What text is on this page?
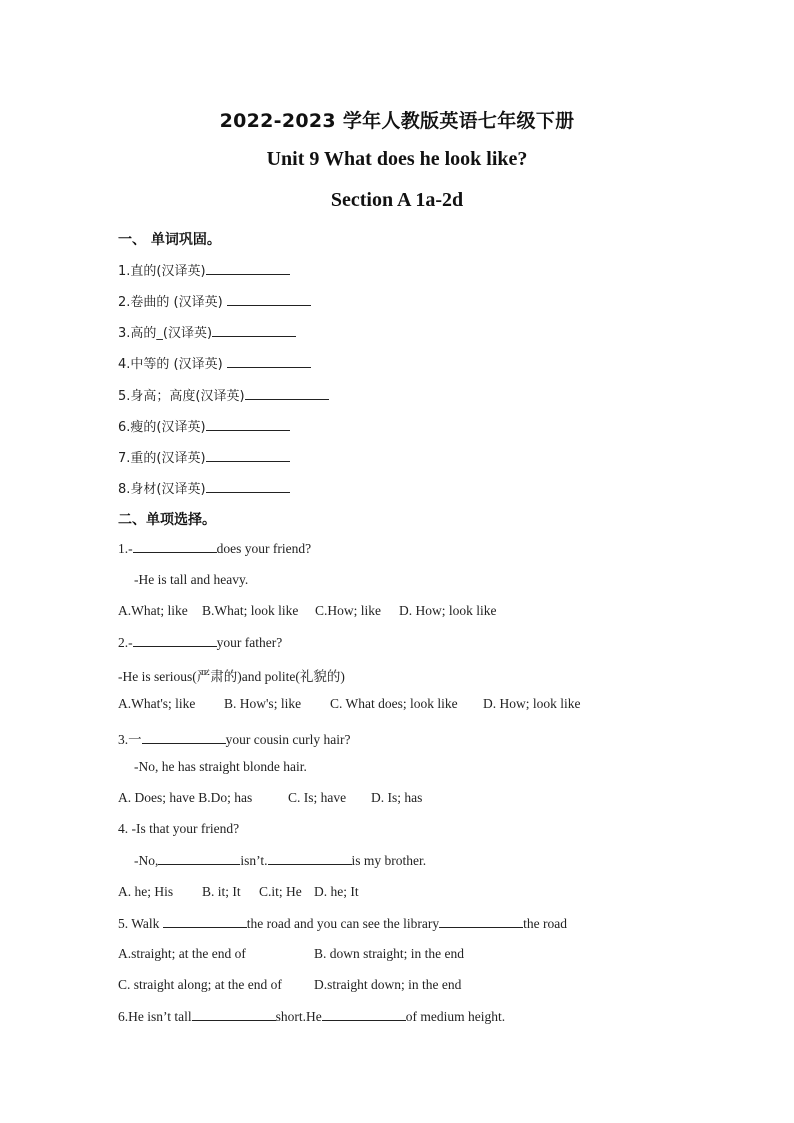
2022-2023 学年人教版英语七年级下册
Unit 9 What does he look like?
Section A 1a-2d
一、 单词巩固。
1.直的(汉译英)
2.卷曲的 (汉译英)
3.高的_(汉译英)
4.中等的 (汉译英)
5.身高；高度(汉译英)
6.瘦的(汉译英)
7.重的(汉译英)
8.身材(汉译英)
二、单项选择。
1.-	does your friend?
-He is tall and heavy.
A.What; like B.What; look like C.How; like D. How; look like
2.-	your father?
-He is serious(严肃的)and polite(礼貌的)
A.What's; like B. How's; like C. What does; look like D. How; look like
3.一	your cousin curly hair?
-No, he has straight blonde hair.
A. Does; have B.Do; has	C. Is; have D. Is; has
4. -Is that your friend?
-No,	isn’t.	is my brother.
A. he; His B. it; It C.it; He D. he; It
5. Walk	the road and you can see the library	the road
A.straight; at the end of	B. down straight; in the end
C. straight along; at the end of D.straight down; in the end
6.He isn’t tall	short.He	of medium height.
